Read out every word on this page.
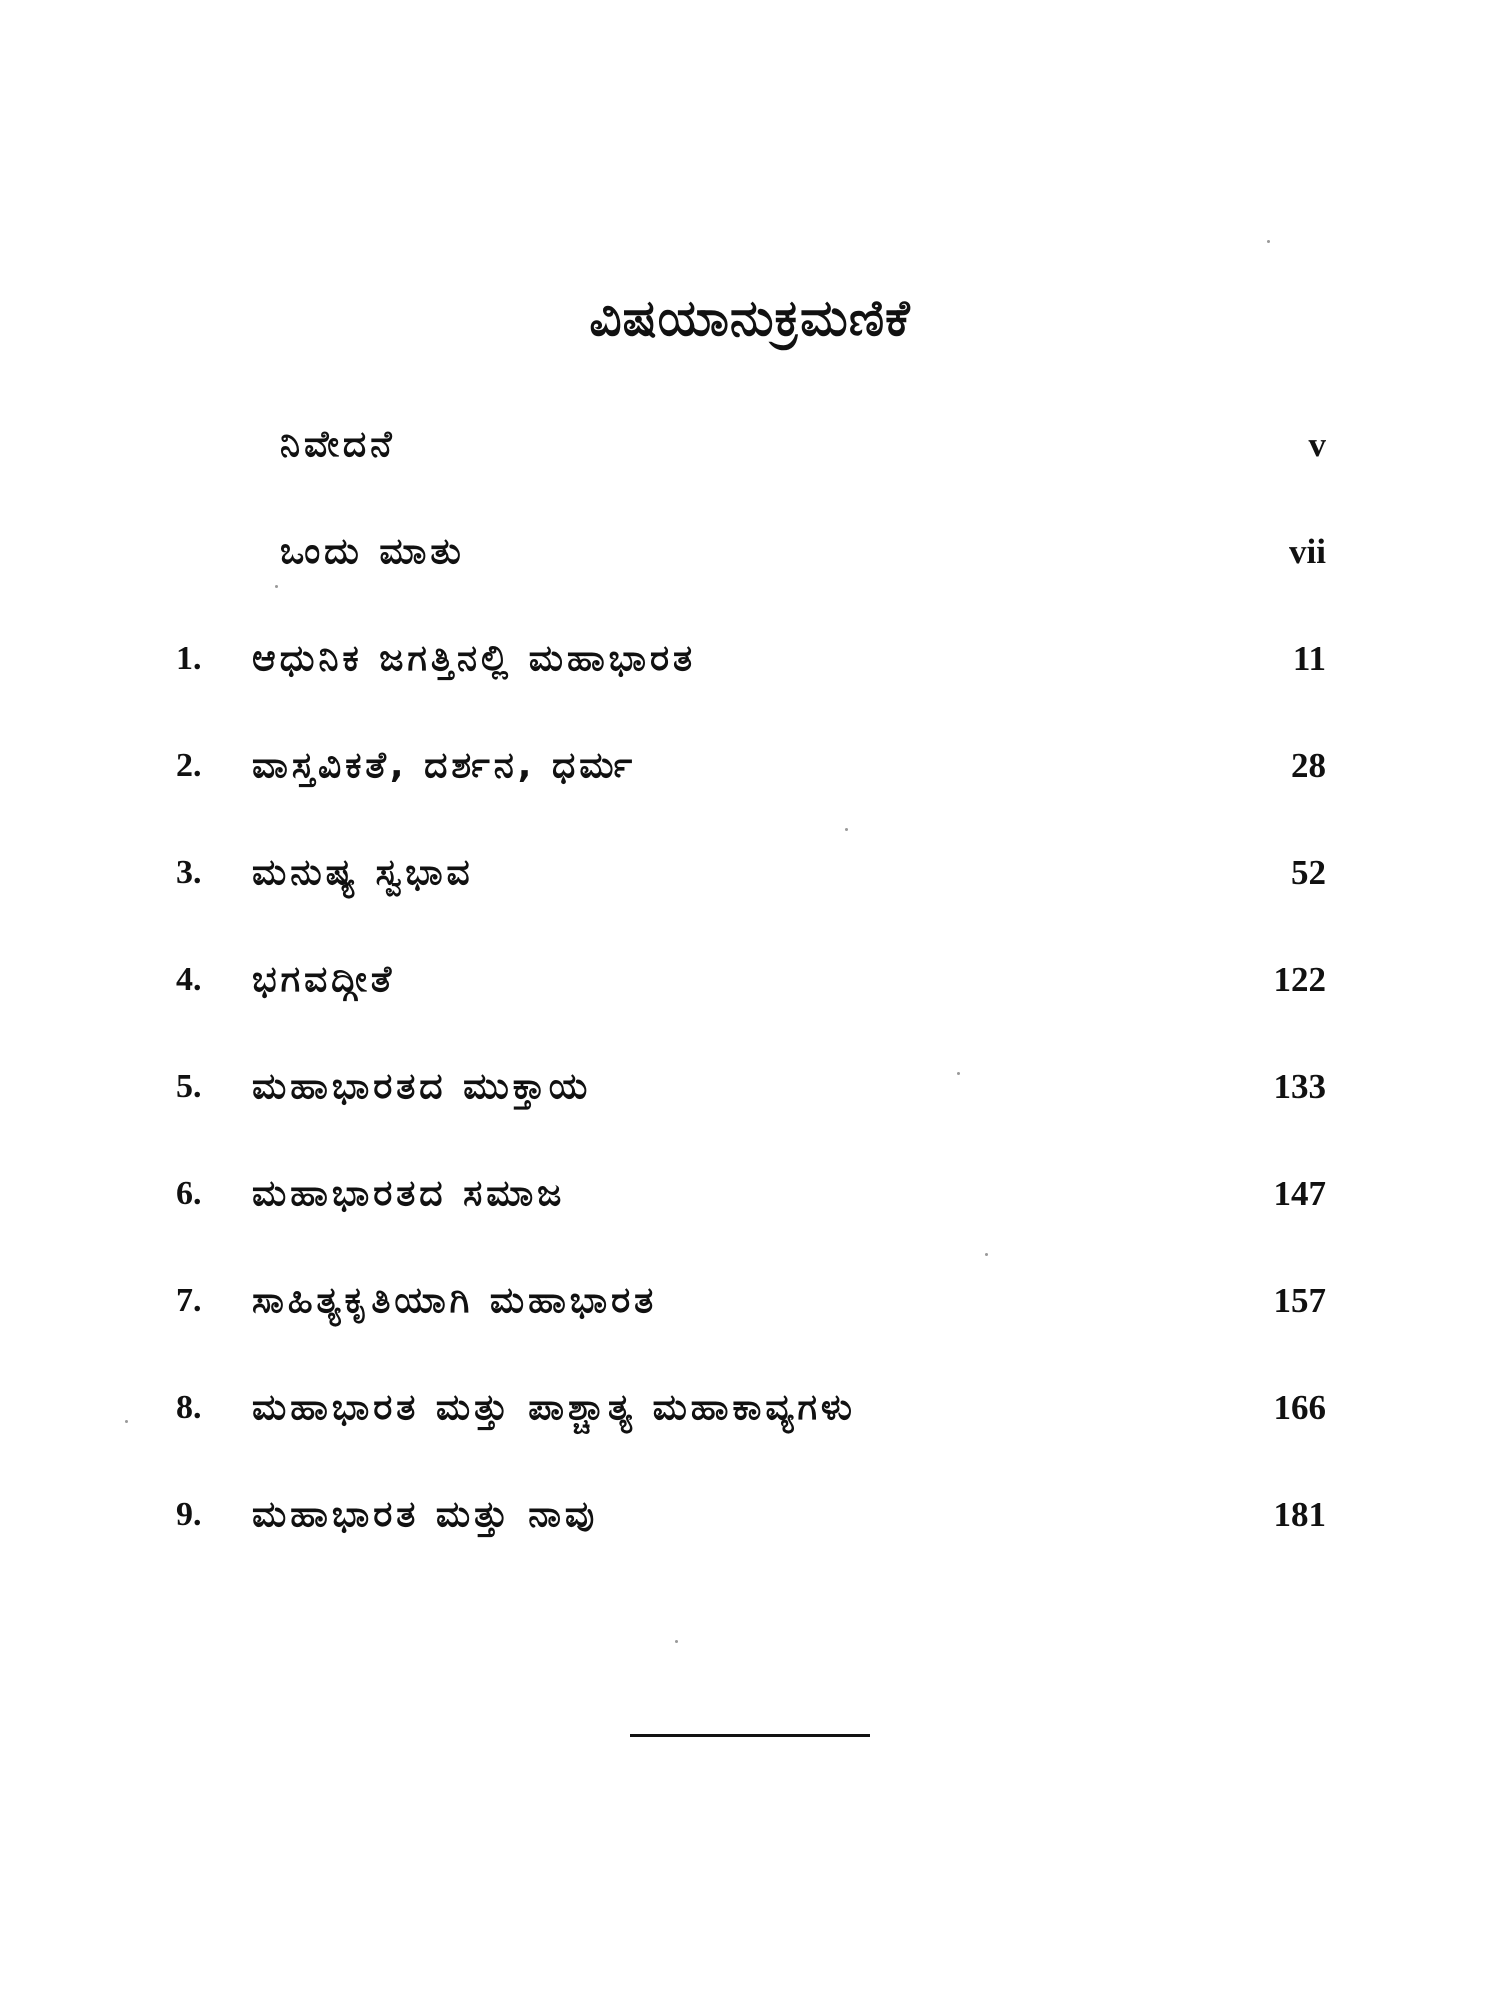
ವಿಷಯಾನುಕ್ರಮಣಿಕೆ
ನಿವೇದನೆ	v
ಒಂದು ಮಾತು	vii
1.	ಆಧುನಿಕ ಜಗತ್ತಿನಲ್ಲಿ ಮಹಾಭಾರತ	11
2.	ವಾಸ್ತವಿಕತೆ, ದರ್ಶನ, ಧರ್ಮ	28
3.	ಮನುಷ್ಯ ಸ್ವಭಾವ	52
4.	ಭಗವದ್ಗೀತೆ	122
5.	ಮಹಾಭಾರತದ ಮುಕ್ತಾಯ	133
6.	ಮಹಾಭಾರತದ ಸಮಾಜ	147
7.	ಸಾಹಿತ್ಯಕೃತಿಯಾಗಿ ಮಹಾಭಾರತ	157
8.	ಮಹಾಭಾರತ ಮತ್ತು ಪಾಶ್ಚಾತ್ಯ ಮಹಾಕಾವ್ಯಗಳು	166
9.	ಮಹಾಭಾರತ ಮತ್ತು ನಾವು	181
